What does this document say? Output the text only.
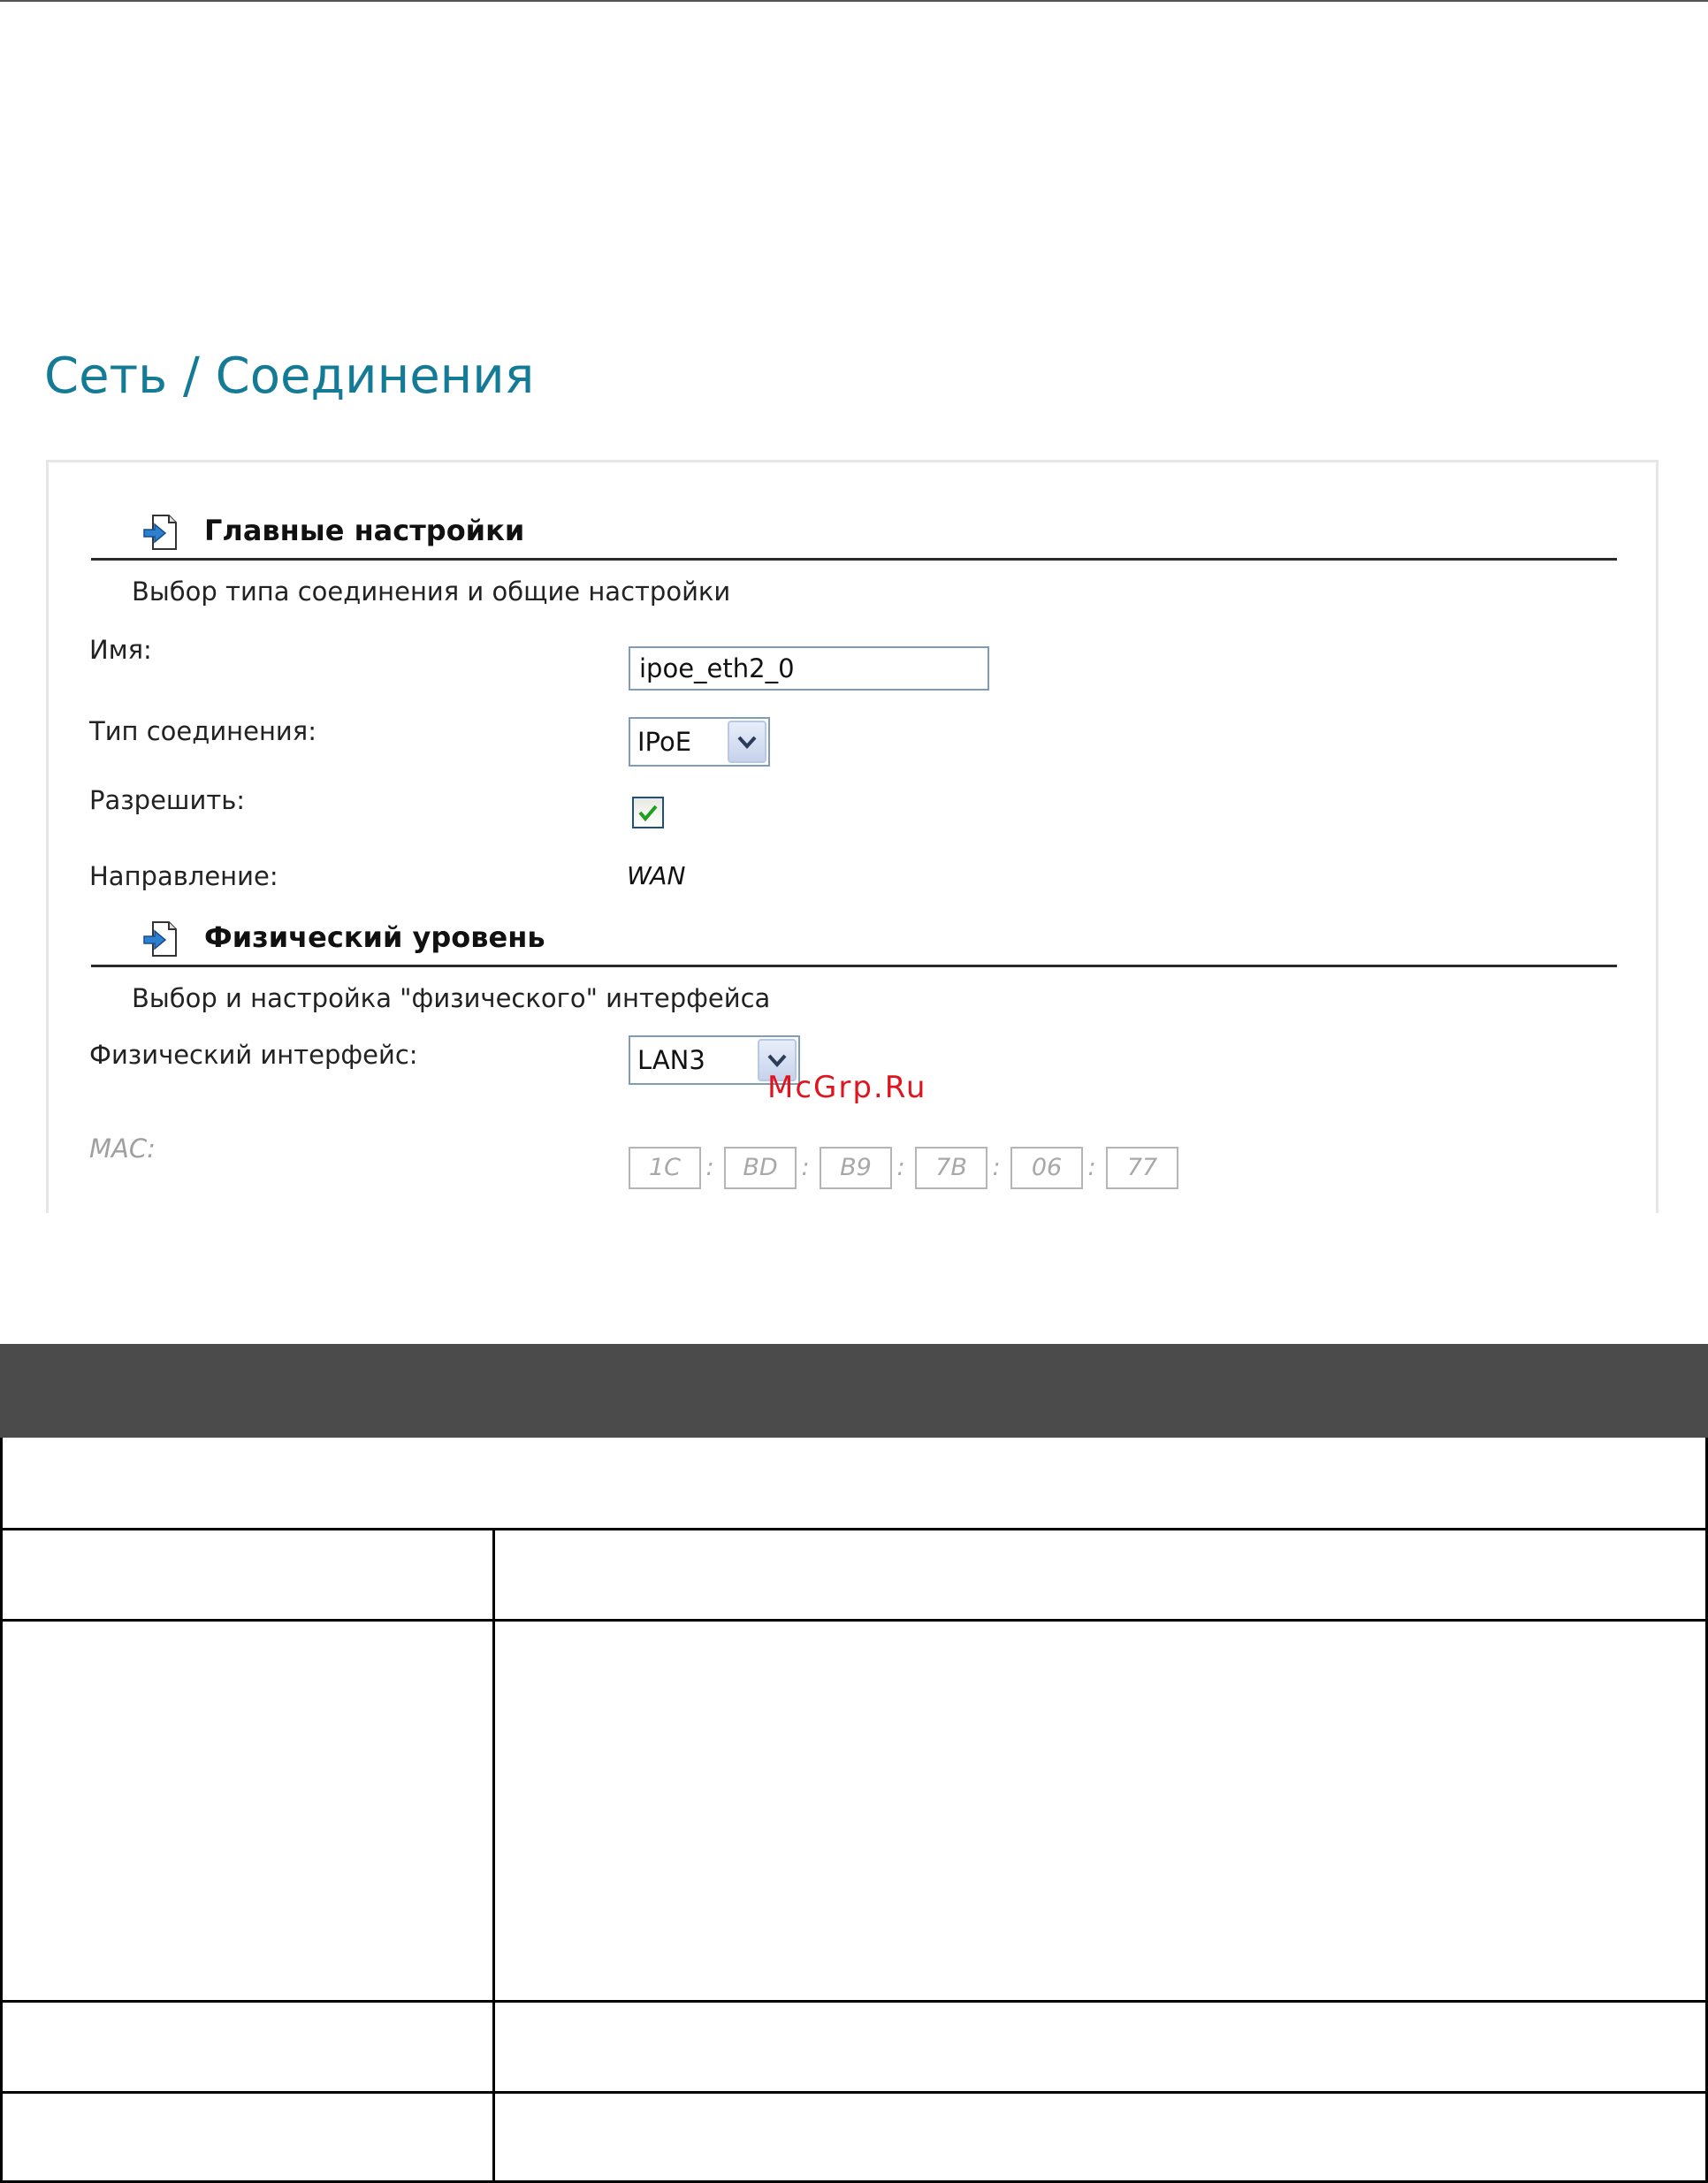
Сеть / Соединения
Главные настройки
Выбор типа соединения и общие настройки
Имя:
ipoe_eth2_0
Тип соединения:	IPoE
Разрешить:
Направление:	WAN
Физический уровень
Выбор и настройка "физического" интерфейса
Физический интерфейс:	LAN3
MAC:
1C	:	BD :	B9	:	7B	:	06	:	77
McGrp.Ru
